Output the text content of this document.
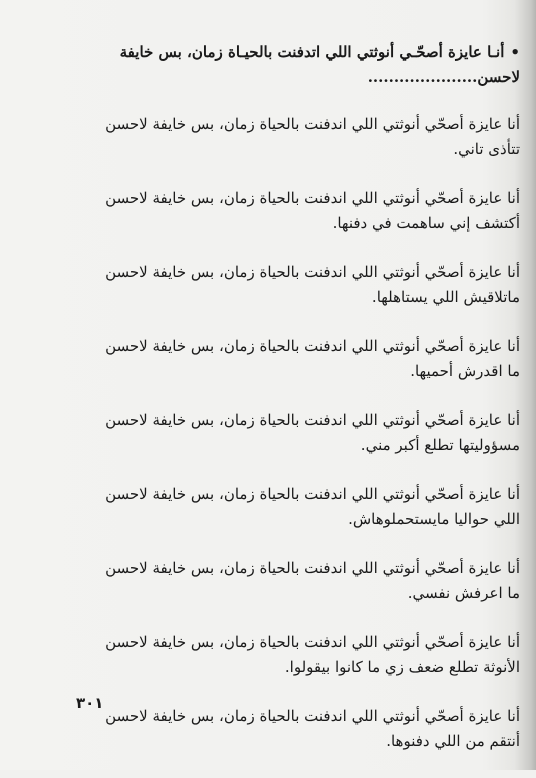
•أنـا عايزة أصحّـي أنوثتي اللي اتدفنت بالحيـاة زمان، بس خايفة
لاحسن.....................

أنا عايزة أصحّي أنوثتي اللي اندفنت بالحياة زمان، بس خايفة لاحسن
تتأذى تاني.

أنا عايزة أصحّي أنوثتي اللي اندفنت بالحياة زمان، بس خايفة لاحسن
أكتشف إني ساهمت في دفنها.

أنا عايزة أصحّي أنوثتي اللي اندفنت بالحياة زمان، بس خايفة لاحسن
ماتلاقيش اللي يستاهلها.

أنا عايزة أصحّي أنوثتي اللي اندفنت بالحياة زمان، بس خايفة لاحسن
ما اقدرش أحميها.

أنا عايزة أصحّي أنوثتي اللي اندفنت بالحياة زمان، بس خايفة لاحسن
مسؤوليتها تطلع أكبر مني.

أنا عايزة أصحّي أنوثتي اللي اندفنت بالحياة زمان، بس خايفة لاحسن
اللي حواليا مايستحملوهاش.

أنا عايزة أصحّي أنوثتي اللي اندفنت بالحياة زمان، بس خايفة لاحسن
ما اعرفش نفسي.

أنا عايزة أصحّي أنوثتي اللي اندفنت بالحياة زمان، بس خايفة لاحسن
الأنوثة تطلع ضعف زي ما كانوا بيقولوا.

أنا عايزة أصحّي أنوثتي اللي اندفنت بالحياة زمان، بس خايفة لاحسن
أنتقم من اللي دفنوها.

٣٠١
